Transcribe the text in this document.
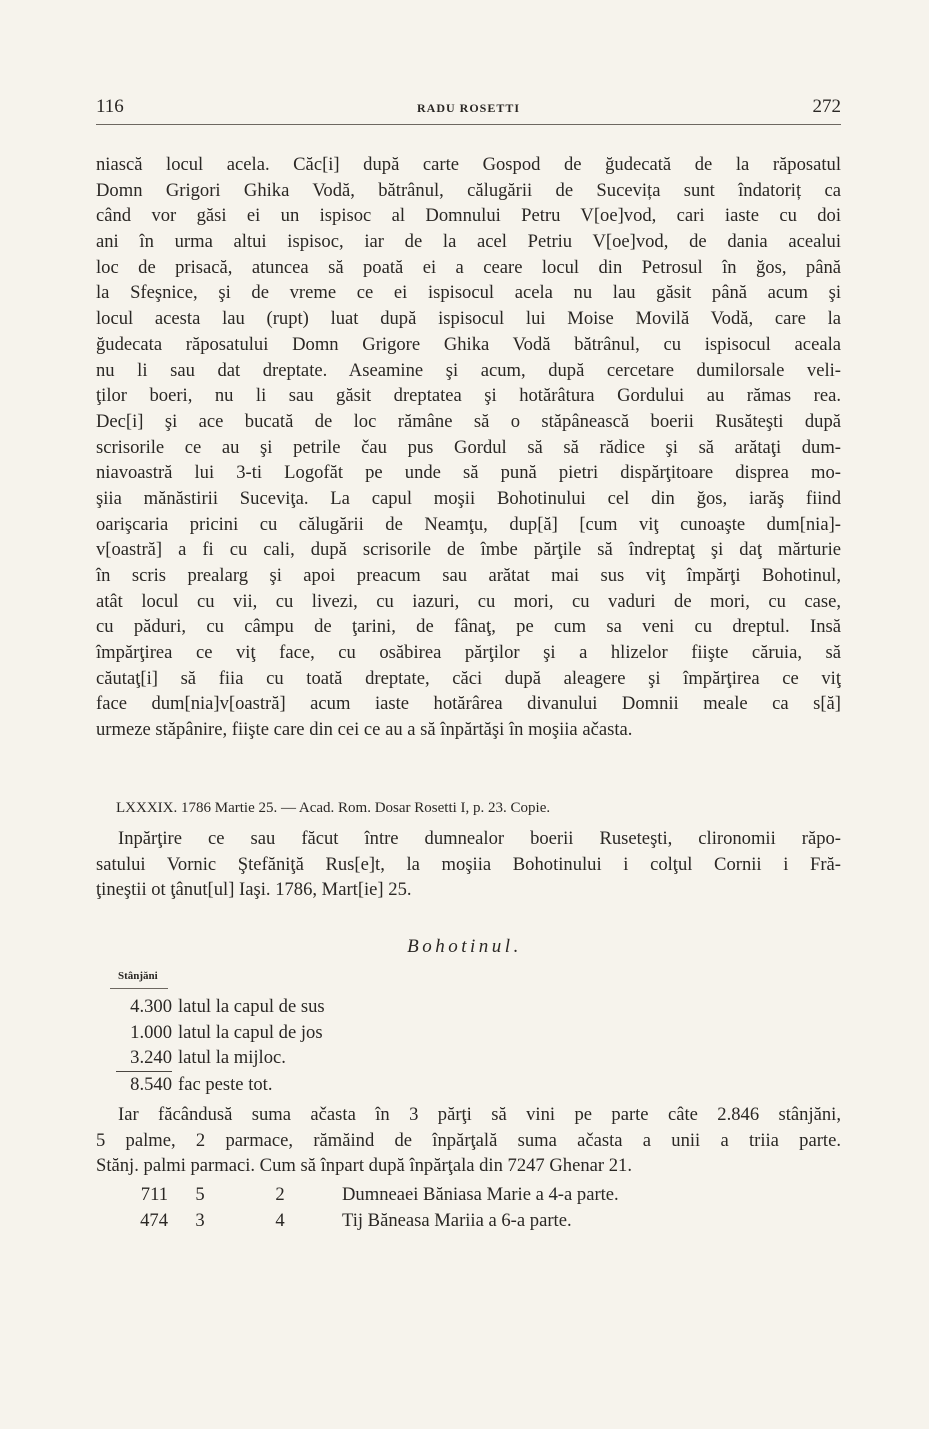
116	RADU ROSETTI	272
niască locul acela. Căc[i] după carte Gospod de ğudecată de la răposatul
Domn Grigori Ghika Vodă, bătrânul, călugării de Sucevița sunt îndatoriț ca
când vor găsi ei un ispisoc al Domnului Petru V[oe]vod, cari iaste cu doi
ani în urma altui ispisoc, iar de la acel Petriu V[oe]vod, de dania acealui
loc de prisacă, atuncea să poată ei a ceare locul din Petrosul în ğos, până
la Sfeşnice, şi de vreme ce ei ispisocul acela nu lau găsit până acum şi
locul acesta lau (rupt) luat după ispisocul lui Moise Movilă Vodă, care la
ğudecata răposatului Domn Grigore Ghika Vodă bătrânul, cu ispisocul aceala
nu li sau dat dreptate. Aseamine şi acum, după cercetare dumilorsale veli-
ţilor boeri, nu li sau găsit dreptatea şi hotărâtura Gordului au rămas rea.
Dec[i] şi ace bucată de loc rămâne să o stăpânească boerii Rusăteşti după
scrisorile ce au şi petrile čau pus Gordul să să rădice şi să arătaţi dum-
niavoastră lui 3-ti Logofăt pe unde să pună pietri dispărţitoare disprea mo-
şiia mănăstirii Suceviţa. La capul moşii Bohotinului cel din ğos, iarăş fiind
oarişcaria pricini cu călugării de Neamţu, dup[ă] [cum viţ cunoaşte dum[nia]-
v[oastră] a fi cu cali, după scrisorile de îmbe părţile să îndreptaţ şi daţ mărturie
în scris prealarg şi apoi preacum sau arătat mai sus viţ împărţi Bohotinul,
atât locul cu vii, cu livezi, cu iazuri, cu mori, cu vaduri de mori, cu case,
cu păduri, cu câmpu de ţarini, de fânaţ, pe cum sa veni cu dreptul. Insă
împărţirea ce viţ face, cu osăbirea părţilor şi a hlizelor fiişte căruia, să
căutaţ[i] să fiia cu toată dreptate, căci după aleagere şi împărţirea ce viţ
face dum[nia]v[oastră] acum iaste hotărârea divanului Domnii meale ca s[ă]
urmeze stăpânire, fiişte care din cei ce au a să înpărtăşi în moşiia ačasta.
LXXXIX. 1786 Martie 25. — Acad. Rom. Dosar Rosetti I, p. 23. Copie.
Inpărţire ce sau făcut între dumnealor boerii Ruseteşti, clironomii răpo-
satului Vornic Ştefăniţă Rus[e]t, la moşiia Bohotinului i colţul Cornii i Fră-
ţineştii ot ţânut[ul] Iaşi. 1786, Mart[ie] 25.
Bohotinul.
Stânjăni
4.300 latul la capul de sus
1.000 latul la capul de jos
3.240 latul la mijloc.
8.540 fac peste tot.
Iar făcândusă suma ačasta în 3 părţi să vini pe parte câte 2.846 stânjăni,
5 palme, 2 parmace, rămăind de înpărţală suma ačasta a unii a triia parte.
Stănj. palmi parmaci. Cum să înpart după înpărţala din 7247 Ghenar 21.
711	5	2	Dumneaei Băniasa Marie a 4-a parte.
474	3	4	Tij Băneasa Mariia a 6-a parte.
